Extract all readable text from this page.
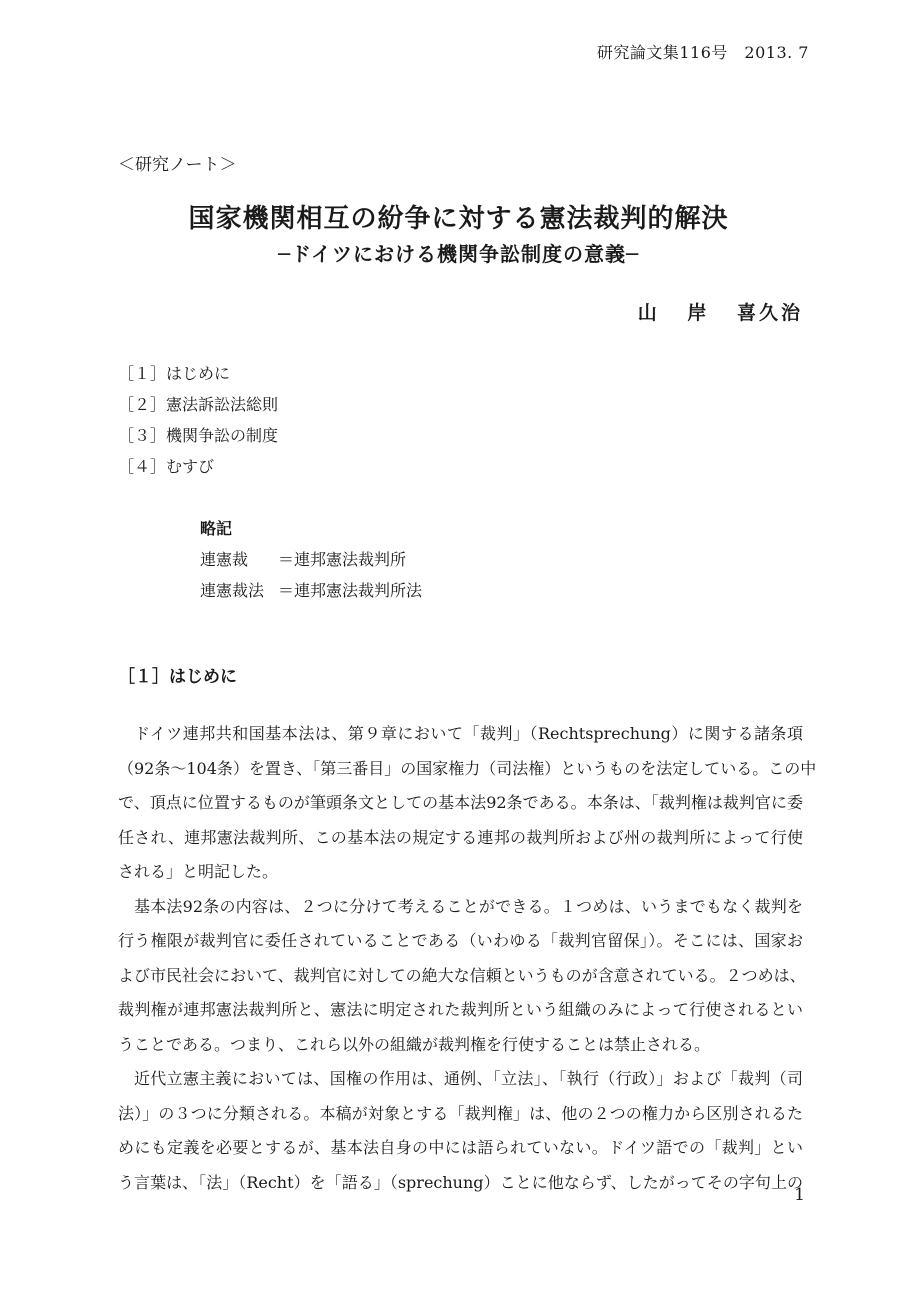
研究論文集116号　2013. 7
＜研究ノート＞
国家機関相互の紛争に対する憲法裁判的解決
─ドイツにおける機関争訟制度の意義─
山 岸 喜久治
［１］はじめに
［２］憲法訴訟法総則
［３］機関争訟の制度
［４］むすび
略記
連憲裁	＝連邦憲法裁判所
連憲裁法 ＝連邦憲法裁判所法
［１］はじめに
ドイツ連邦共和国基本法は、第９章において「裁判」（Rechtsprechung）に関する諸条項
（92条～104条）を置き、「第三番目」の国家権力（司法権）というものを法定している。この中
で、頂点に位置するものが筆頭条文としての基本法92条である。本条は、「裁判権は裁判官に委
任され、連邦憲法裁判所、この基本法の規定する連邦の裁判所および州の裁判所によって行使
される」と明記した。
基本法92条の内容は、２つに分けて考えることができる。１つめは、いうまでもなく裁判を
行う権限が裁判官に委任されていることである（いわゆる「裁判官留保」）。そこには、国家お
よび市民社会において、裁判官に対しての絶大な信頼というものが含意されている。２つめは、
裁判権が連邦憲法裁判所と、憲法に明定された裁判所という組織のみによって行使されるとい
うことである。つまり、これら以外の組織が裁判権を行使することは禁止される。
近代立憲主義においては、国権の作用は、通例、「立法」、「執行（行政）」および「裁判（司
法）」の３つに分類される。本稿が対象とする「裁判権」は、他の２つの権力から区別されるた
めにも定義を必要とするが、基本法自身の中には語られていない。ドイツ語での「裁判」とい
う言葉は、「法」（Recht）を「語る」（sprechung）ことに他ならず、したがってその字句上の
1
